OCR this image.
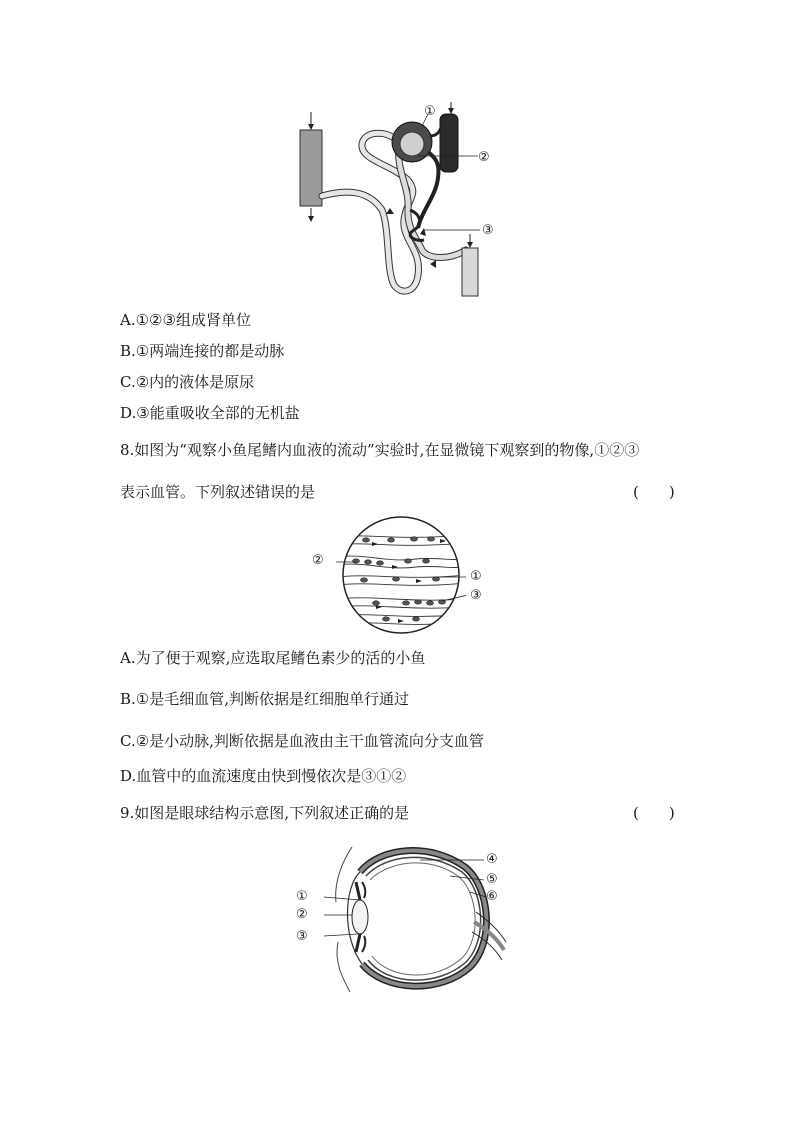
①
②
③
A.①②③组成肾单位
B.①两端连接的都是动脉
C.②内的液体是原尿
D.③能重吸收全部的无机盐
8.如图为“观察小鱼尾鳍内血液的流动”实验时,在显微镜下观察到的物像,①②③
表示血管。下列叙述错误的是	(　　)
②
①
③
A.为了便于观察,应选取尾鳍色素少的活的小鱼
B.①是毛细血管,判断依据是红细胞单行通过
C.②是小动脉,判断依据是血液由主干血管流向分支血管
D.血管中的血流速度由快到慢依次是③①②
9.如图是眼球结构示意图,下列叙述正确的是	(　　)
①
②
③
④
⑤
⑥
